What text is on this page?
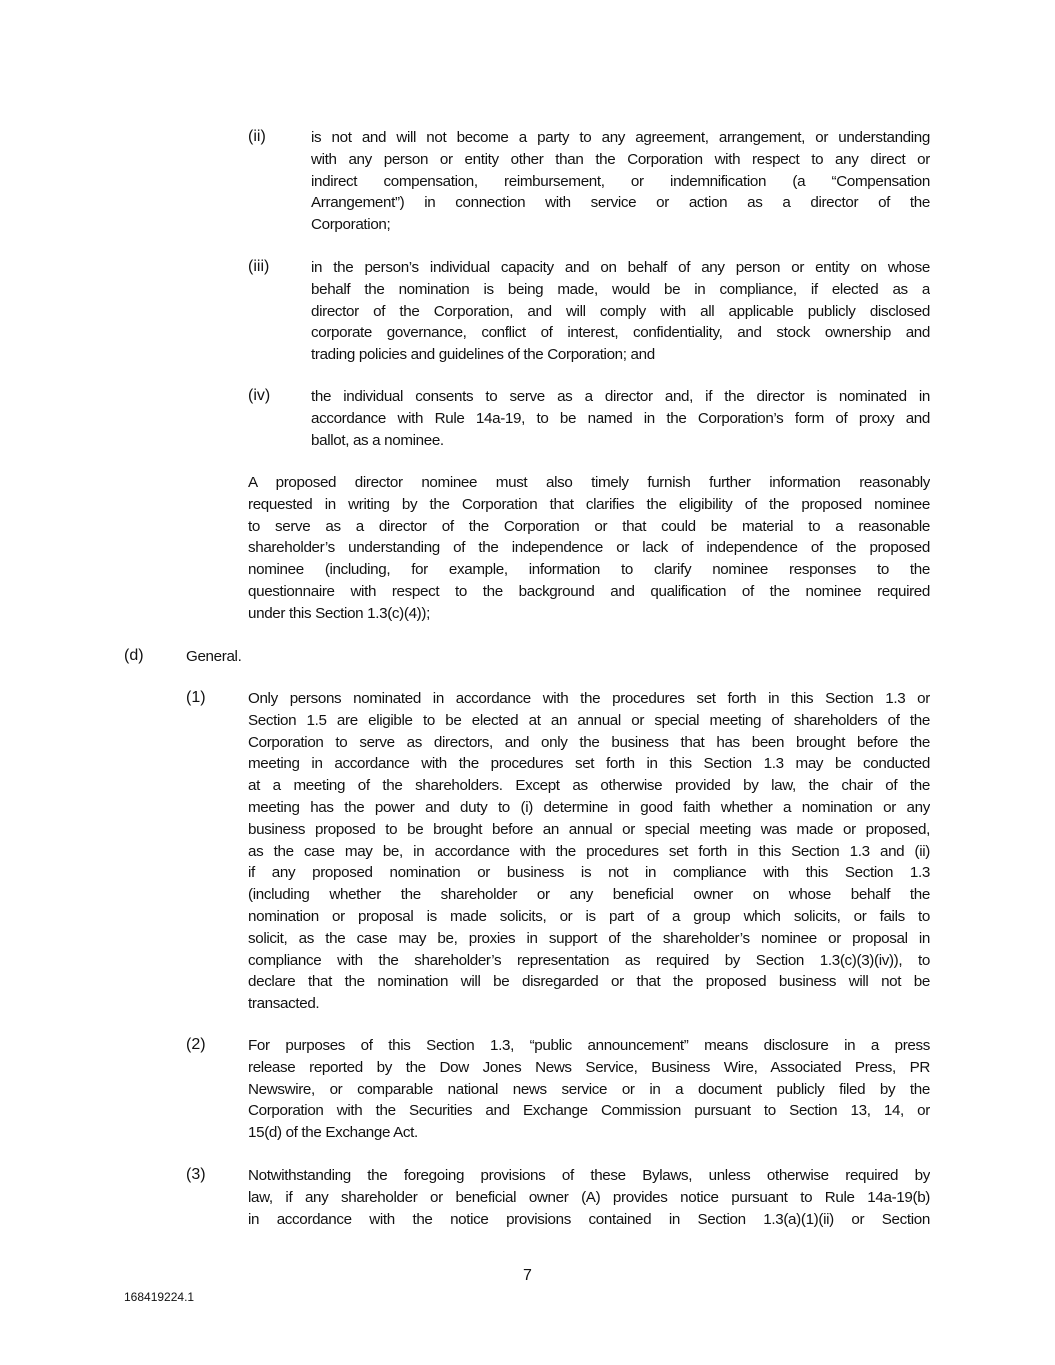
(ii)	is not and will not become a party to any agreement, arrangement, or understanding
with any person or entity other than the Corporation with respect to any direct or
indirect compensation, reimbursement, or indemnification (a “Compensation
Arrangement”) in connection with service or action as a director of the
Corporation;
(iii)	in the person’s individual capacity and on behalf of any person or entity on whose
behalf the nomination is being made, would be in compliance, if elected as a
director of the Corporation, and will comply with all applicable publicly disclosed
corporate governance, conflict of interest, confidentiality, and stock ownership and
trading policies and guidelines of the Corporation; and
(iv)	the individual consents to serve as a director and, if the director is nominated in
accordance with Rule 14a-19, to be named in the Corporation’s form of proxy and
ballot, as a nominee.
A proposed director nominee must also timely furnish further information reasonably
requested in writing by the Corporation that clarifies the eligibility of the proposed nominee
to serve as a director of the Corporation or that could be material to a reasonable
shareholder’s understanding of the independence or lack of independence of the proposed
nominee (including, for example, information to clarify nominee responses to the
questionnaire with respect to the background and qualification of the nominee required
under this Section 1.3(c)(4));
(d)	General.
(1)	Only persons nominated in accordance with the procedures set forth in this Section 1.3 or
Section 1.5 are eligible to be elected at an annual or special meeting of shareholders of the
Corporation to serve as directors, and only the business that has been brought before the
meeting in accordance with the procedures set forth in this Section 1.3 may be conducted
at a meeting of the shareholders. Except as otherwise provided by law, the chair of the
meeting has the power and duty to (i) determine in good faith whether a nomination or any
business proposed to be brought before an annual or special meeting was made or proposed,
as the case may be, in accordance with the procedures set forth in this Section 1.3 and (ii)
if any proposed nomination or business is not in compliance with this Section 1.3
(including whether the shareholder or any beneficial owner on whose behalf the
nomination or proposal is made solicits, or is part of a group which solicits, or fails to
solicit, as the case may be, proxies in support of the shareholder’s nominee or proposal in
compliance with the shareholder’s representation as required by Section 1.3(c)(3)(iv)), to
declare that the nomination will be disregarded or that the proposed business will not be
transacted.
(2)	For purposes of this Section 1.3, “public announcement” means disclosure in a press
release reported by the Dow Jones News Service, Business Wire, Associated Press, PR
Newswire, or comparable national news service or in a document publicly filed by the
Corporation with the Securities and Exchange Commission pursuant to Section 13, 14, or
15(d) of the Exchange Act.
(3)	Notwithstanding the foregoing provisions of these Bylaws, unless otherwise required by
law, if any shareholder or beneficial owner (A) provides notice pursuant to Rule 14a-19(b)
in accordance with the notice provisions contained in Section 1.3(a)(1)(ii) or Section
7
168419224.1
